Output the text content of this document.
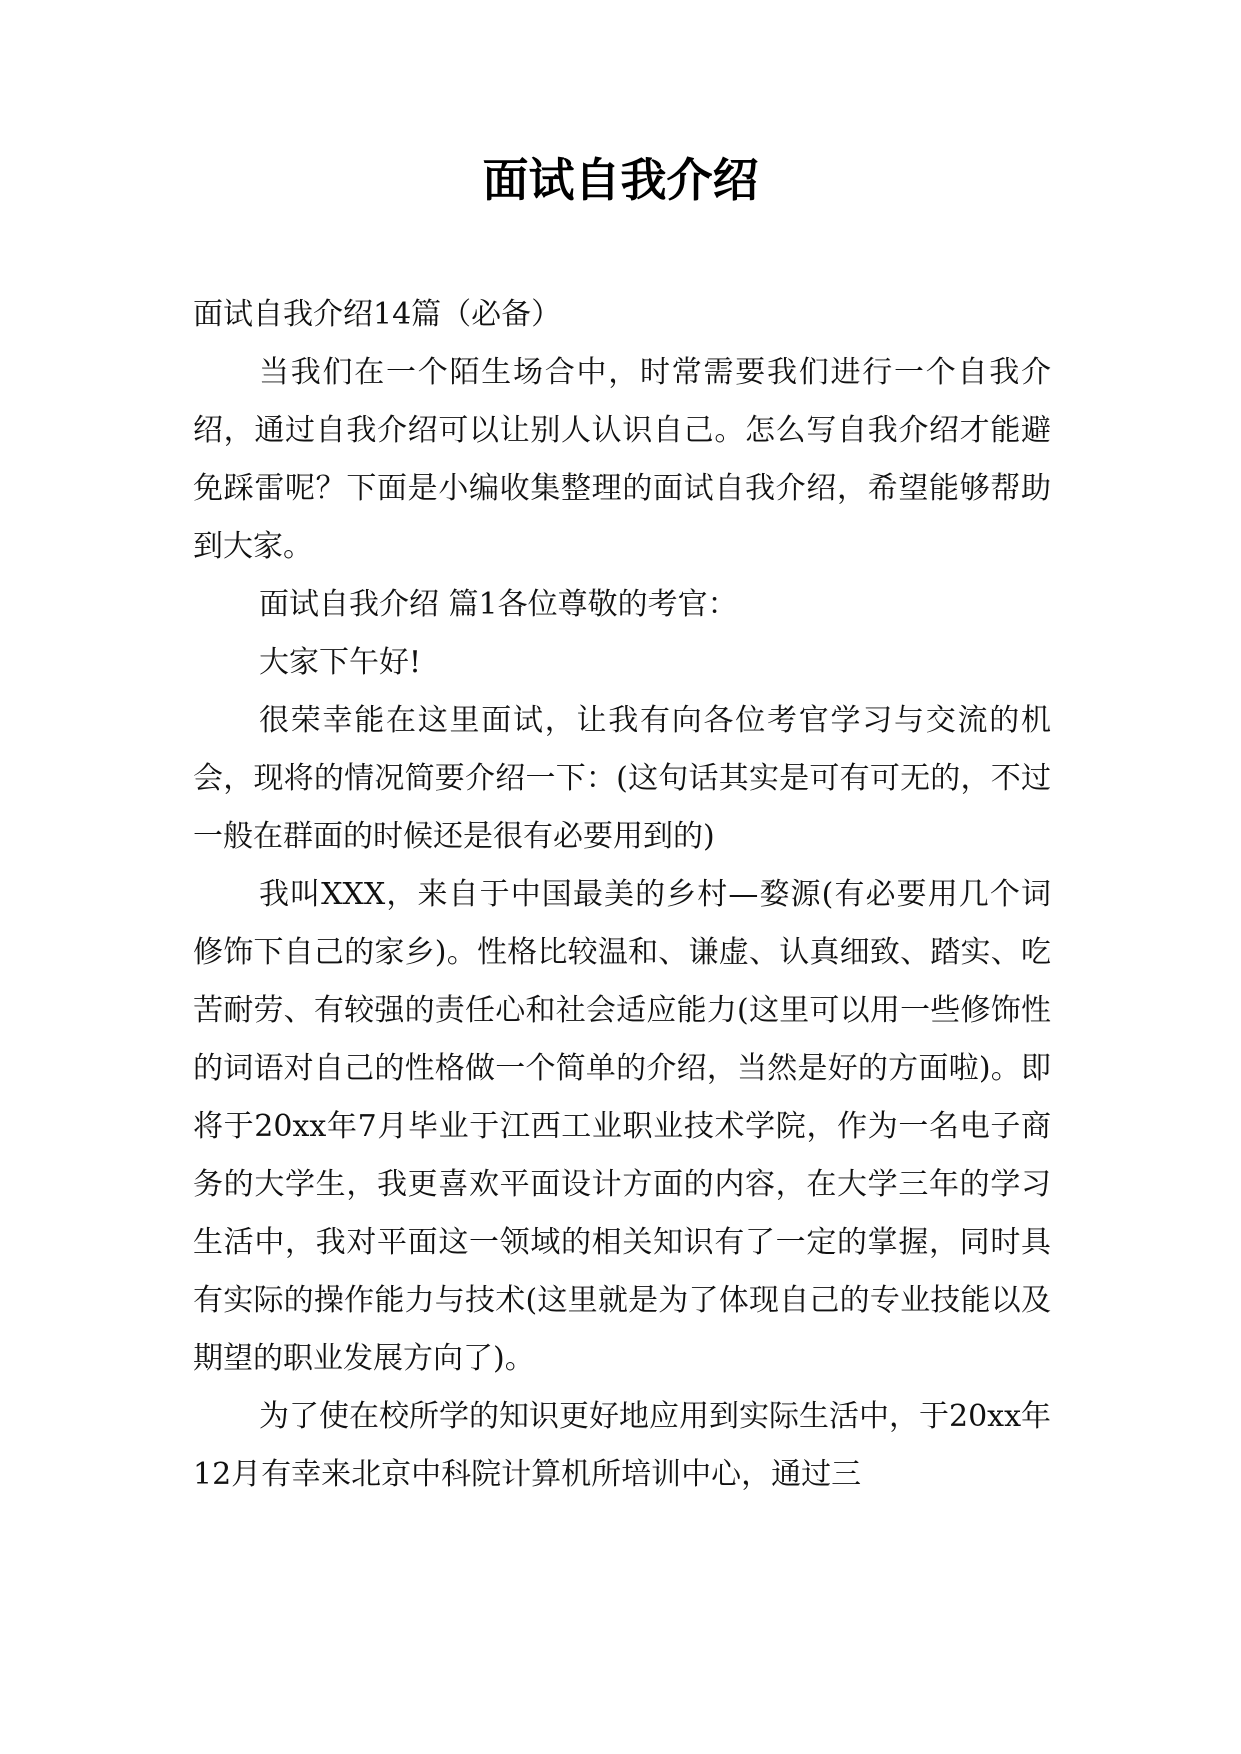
面试自我介绍

面试自我介绍14篇（必备）

当我们在一个陌生场合中，时常需要我们进行一个自我介绍，通过自我介绍可以让别人认识自己。怎么写自我介绍才能避免踩雷呢？下面是小编收集整理的面试自我介绍，希望能够帮助到大家。

面试自我介绍 篇1各位尊敬的考官：

大家下午好!

很荣幸能在这里面试，让我有向各位考官学习与交流的机会，现将的情况简要介绍一下：(这句话其实是可有可无的，不过一般在群面的时候还是很有必要用到的)

我叫XXX，来自于中国最美的乡村—婺源(有必要用几个词修饰下自己的家乡)。性格比较温和、谦虚、认真细致、踏实、吃苦耐劳、有较强的责任心和社会适应能力(这里可以用一些修饰性的词语对自己的性格做一个简单的介绍，当然是好的方面啦)。即将于20xx年7月毕业于江西工业职业技术学院，作为一名电子商务的大学生，我更喜欢平面设计方面的内容，在大学三年的学习生活中，我对平面这一领域的相关知识有了一定的掌握，同时具有实际的操作能力与技术(这里就是为了体现自己的专业技能以及期望的职业发展方向了)。

为了使在校所学的知识更好地应用到实际生活中，于20xx年12月有幸来北京中科院计算机所培训中心，通过三
